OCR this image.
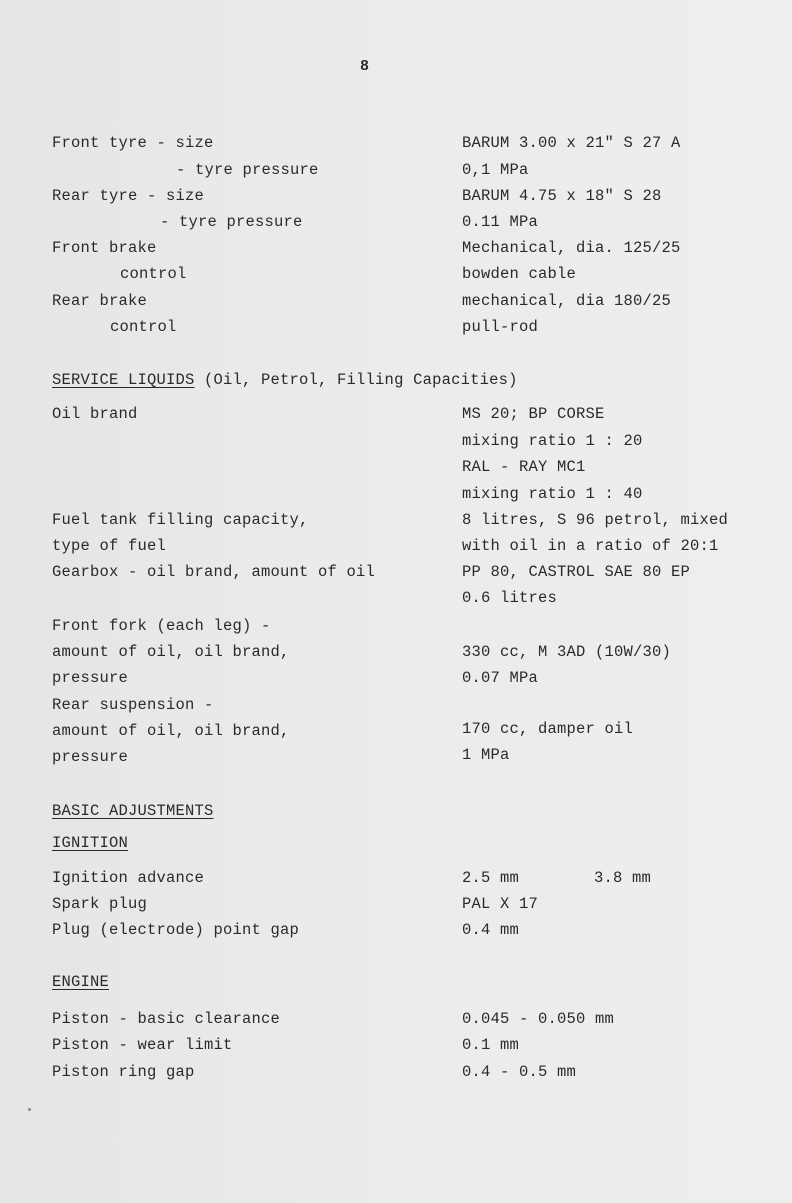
8
Front tyre - size	BARUM 3.00 x 21" S 27 A
- tyre pressure	0,1 MPa
Rear tyre - size	BARUM 4.75 x 18" S 28
- tyre pressure	0.11 MPa
Front brake	Mechanical, dia. 125/25
control	bowden cable
Rear brake	mechanical, dia 180/25
control	pull-rod
SERVICE LIQUIDS (Oil, Petrol, Filling Capacities)
Oil brand	MS 20; BP CORSE
mixing ratio 1 : 20
RAL - RAY MC1
mixing ratio 1 : 40
Fuel tank filling capacity,	8 litres, S 96 petrol, mixed
type of fuel	with oil in a ratio of 20:1
Gearbox - oil brand, amount of oil	PP 80, CASTROL SAE 80 EP
0.6 litres
Front fork (each leg) -
amount of oil, oil brand,	330 cc, M 3AD (10W/30)
pressure	0.07 MPa
Rear suspension -
amount of oil, oil brand,	170 cc, damper oil
pressure	1 MPa
BASIC ADJUSTMENTS
IGNITION
Ignition advance	2.5 mm	3.8 mm
Spark plug	PAL X 17
Plug (electrode) point gap	0.4 mm
ENGINE
Piston - basic clearance	0.045 - 0.050 mm
Piston - wear limit	0.1 mm
Piston ring gap	0.4 - 0.5 mm
